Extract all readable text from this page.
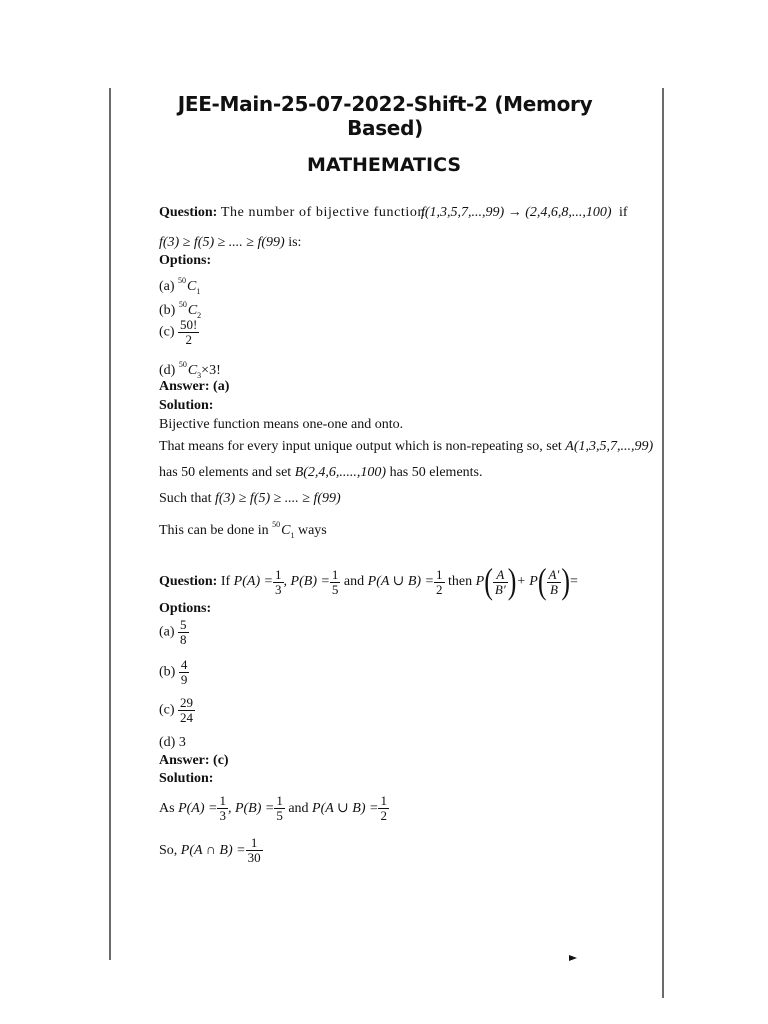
JEE-Main-25-07-2022-Shift-2 (Memory Based)
MATHEMATICS
Question: The number of bijective function
f(1,3,5,7,...,99) → (2,4,6,8,...,100) if
f(3) ≥ f(5) ≥ .... ≥ f(99) is:
Options:
(a) $^{50}C_1$
(b) $^{50}C_2$
$(c) \frac{50!}{2}$
(d) $^{50}C_3\times 3$!
Answer: (a)
Solution:
Bijective function means one-one and onto.
That means for every input unique output which is non-repeating so, set A(1,3,5,7,...,99)
has 50 elements and set B(2,4,6,.....,100) has 50 elements.
Such that f(3) ≥ f(5) ≥ .... ≥ f(99)
This can be done in $^{50}C_1$ ways
Question: If $P(A) = \frac{1}{3}$ , $P(B) = \frac{1}{5}$ and P(A ∪ $B) = \frac{1}{2}$ then $P( \frac{A}{B'}$ )+ $P( \frac{A'}{B}$ )=
Options:
$(a) \frac{5}{8}$
$(b) \frac{4}{9}$
$(c) \frac{29}{24}$
(d) 3
Answer: (c)
Solution:
As $P(A) = \frac{1}{3}$ , $P(B) = \frac{1}{5}$ and P(A ∪ $B) = \frac{1}{2}$
So, P(A ∩ $B) = \frac{1}{30}$
